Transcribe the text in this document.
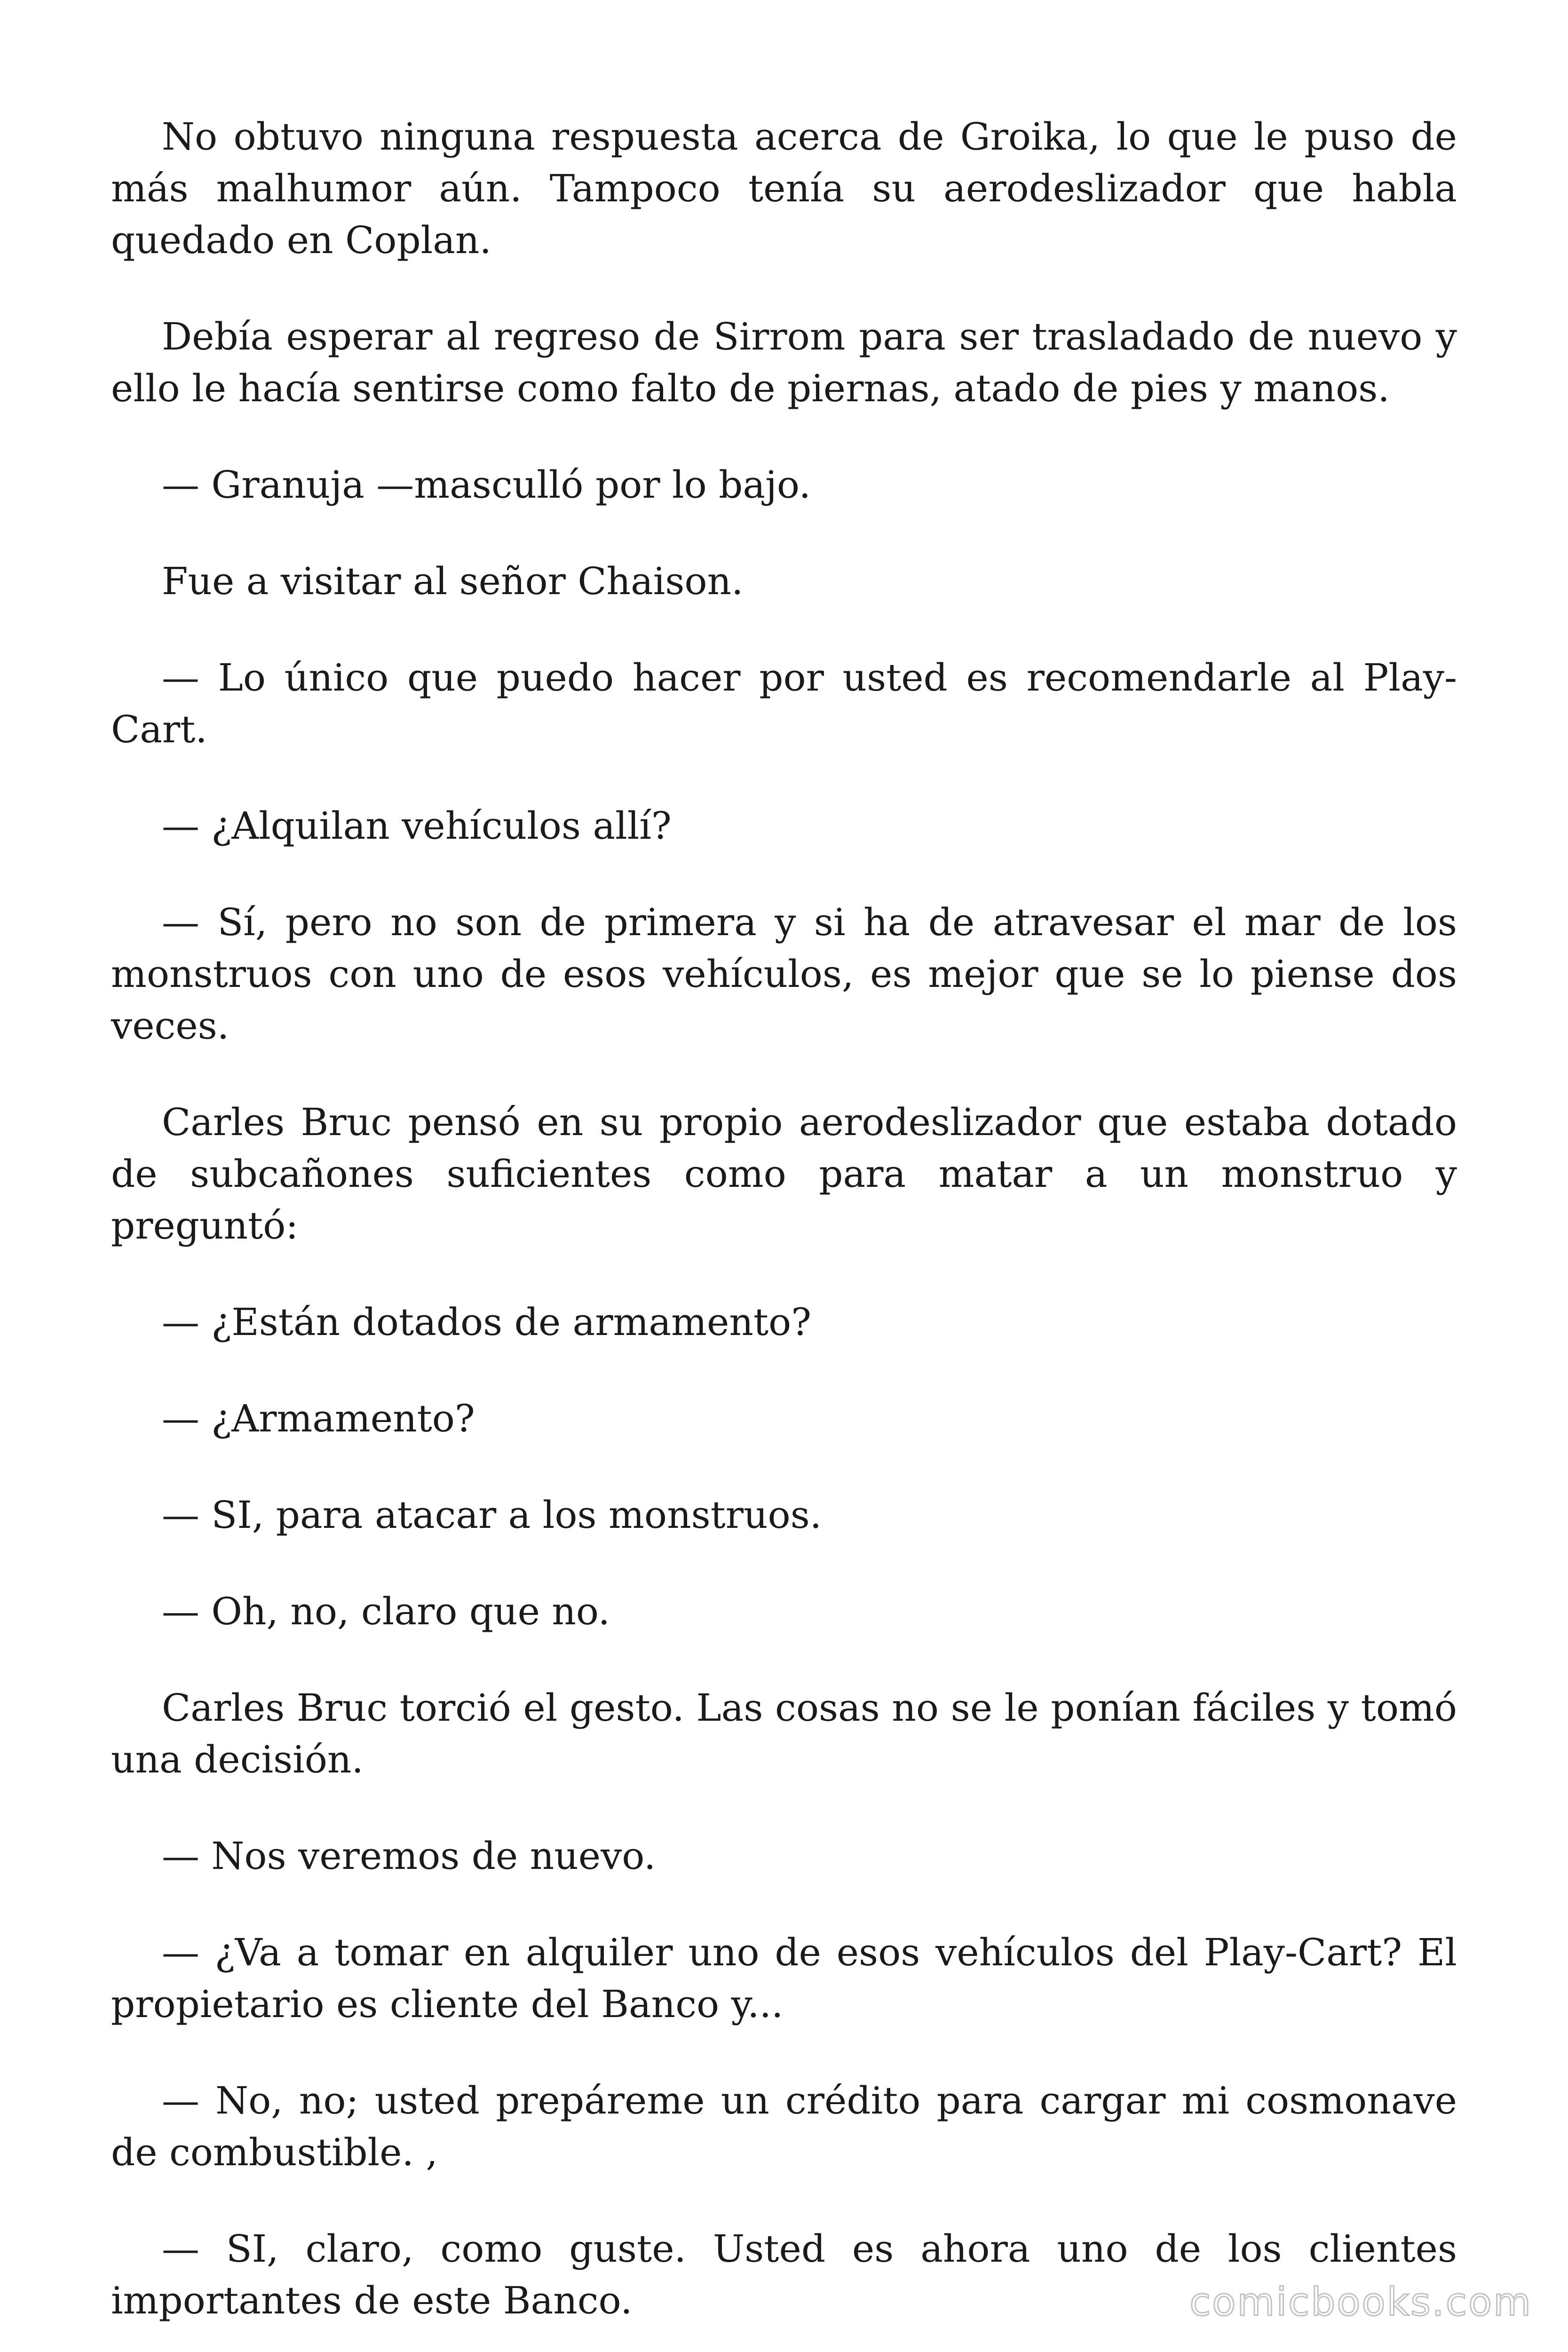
No obtuvo ninguna respuesta acerca de Groika, lo que le puso de más malhumor aún. Tampoco tenía su aerodeslizador que habla quedado en Coplan.

Debía esperar al regreso de Sirrom para ser trasladado de nuevo y ello le hacía sentirse como falto de piernas, atado de pies y manos.

— Granuja —mascullό por lo bajo.

Fue a visitar al señor Chaison.

— Lo único que puedo hacer por usted es recomendarle al Play-Cart.

— ¿Alquilan vehículos allí?

— Sí, pero no son de primera y si ha de atravesar el mar de los monstruos con uno de esos vehículos, es mejor que se lo piense dos veces.

Carles Bruc pensó en su propio aerodeslizador que estaba dotado de subcañones suficientes como para matar a un monstruo y preguntó:

— ¿Están dotados de armamento?

— ¿Armamento?

— SI, para atacar a los monstruos.

— Oh, no, claro que no.

Carles Bruc torció el gesto. Las cosas no se le ponían fáciles y tomó una decisión.

— Nos veremos de nuevo.

— ¿Va a tomar en alquiler uno de esos vehículos del Play-Cart? El propietario es cliente del Banco y...

— No, no; usted prepáreme un crédito para cargar mi cosmonave de combustible. ,

— SI, claro, como guste. Usted es ahora uno de los clientes importantes de este Banco.	comicbooks.com
